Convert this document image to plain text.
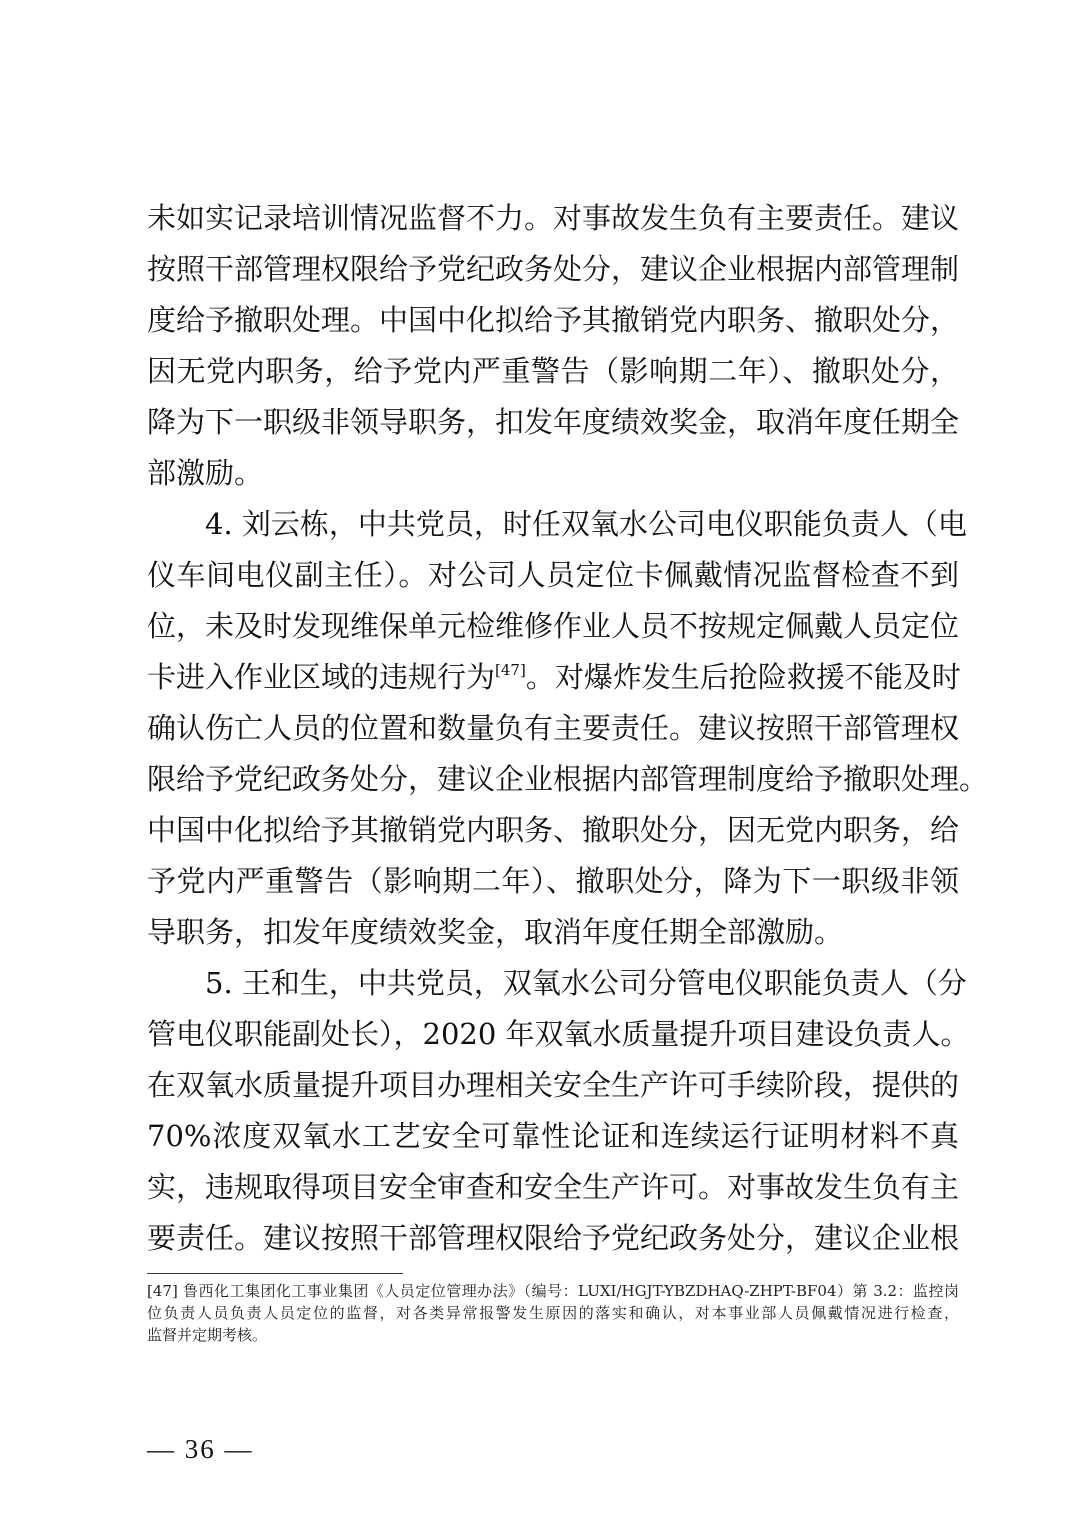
未如实记录培训情况监督不力。对事故发生负有主要责任。建议
按照干部管理权限给予党纪政务处分，建议企业根据内部管理制
度给予撤职处理。中国中化拟给予其撤销党内职务、撤职处分，
因无党内职务，给予党内严重警告（影响期二年）、撤职处分，
降为下一职级非领导职务，扣发年度绩效奖金，取消年度任期全
部激励。
4. 刘云栋，中共党员，时任双氧水公司电仪职能负责人（电
仪车间电仪副主任）。对公司人员定位卡佩戴情况监督检查不到
位，未及时发现维保单元检维修作业人员不按规定佩戴人员定位
卡进入作业区域的违规行为[47]。对爆炸发生后抢险救援不能及时
确认伤亡人员的位置和数量负有主要责任。建议按照干部管理权
限给予党纪政务处分，建议企业根据内部管理制度给予撤职处理。
中国中化拟给予其撤销党内职务、撤职处分，因无党内职务，给
予党内严重警告（影响期二年）、撤职处分，降为下一职级非领
导职务，扣发年度绩效奖金，取消年度任期全部激励。
5. 王和生，中共党员，双氧水公司分管电仪职能负责人（分
管电仪职能副处长），2020 年双氧水质量提升项目建设负责人。
在双氧水质量提升项目办理相关安全生产许可手续阶段，提供的
70%浓度双氧水工艺安全可靠性论证和连续运行证明材料不真
实，违规取得项目安全审查和安全生产许可。对事故发生负有主
要责任。建议按照干部管理权限给予党纪政务处分，建议企业根
[47] 鲁西化工集团化工事业集团《人员定位管理办法》（编号：LUXI/HGJT-YBZDHAQ-ZHPT-BF04）第 3.2：监控岗
位负责人员负责人员定位的监督，对各类异常报警发生原因的落实和确认，对本事业部人员佩戴情况进行检查，
监督并定期考核。
— 36 —
